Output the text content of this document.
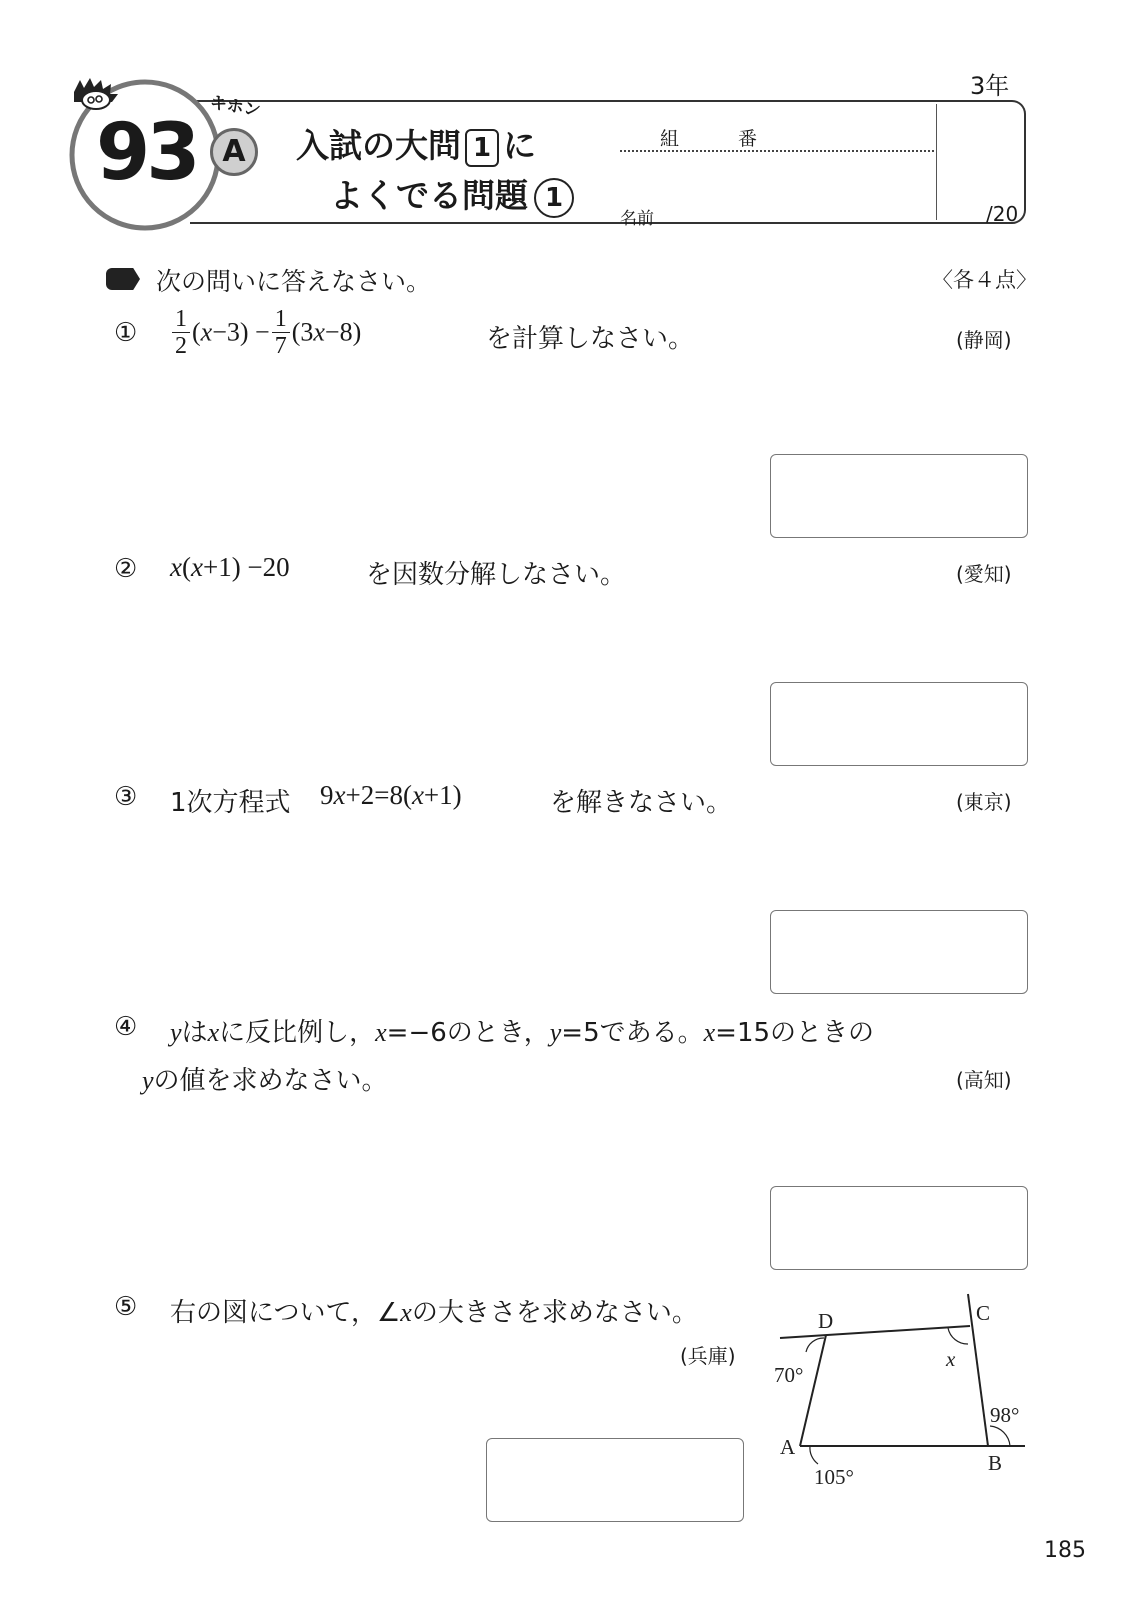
3年
93
キホン
A	入試の大問 1 に
よくでる問題 1
組	番
名前	/20
次の問いに答えなさい。	〈各４点〉
① $\frac{1}{2} (x-3) - \frac{1}{7} (3x-8)$	を計算しなさい。	(静岡)
② x(x+1) −20	を因数分解しなさい。	(愛知)
③ 1次方程式 9x+2=8(x+1)	を解きなさい。	(東京)
④ yはxに反比例し，x=−6のとき，y=5である。x=15のときの
yの値を求めなさい。	(高知)
⑤ 右の図について，∠xの大きさを求めなさい。
(兵庫)
D	C
A
B
70°
x
98°
105°
185
